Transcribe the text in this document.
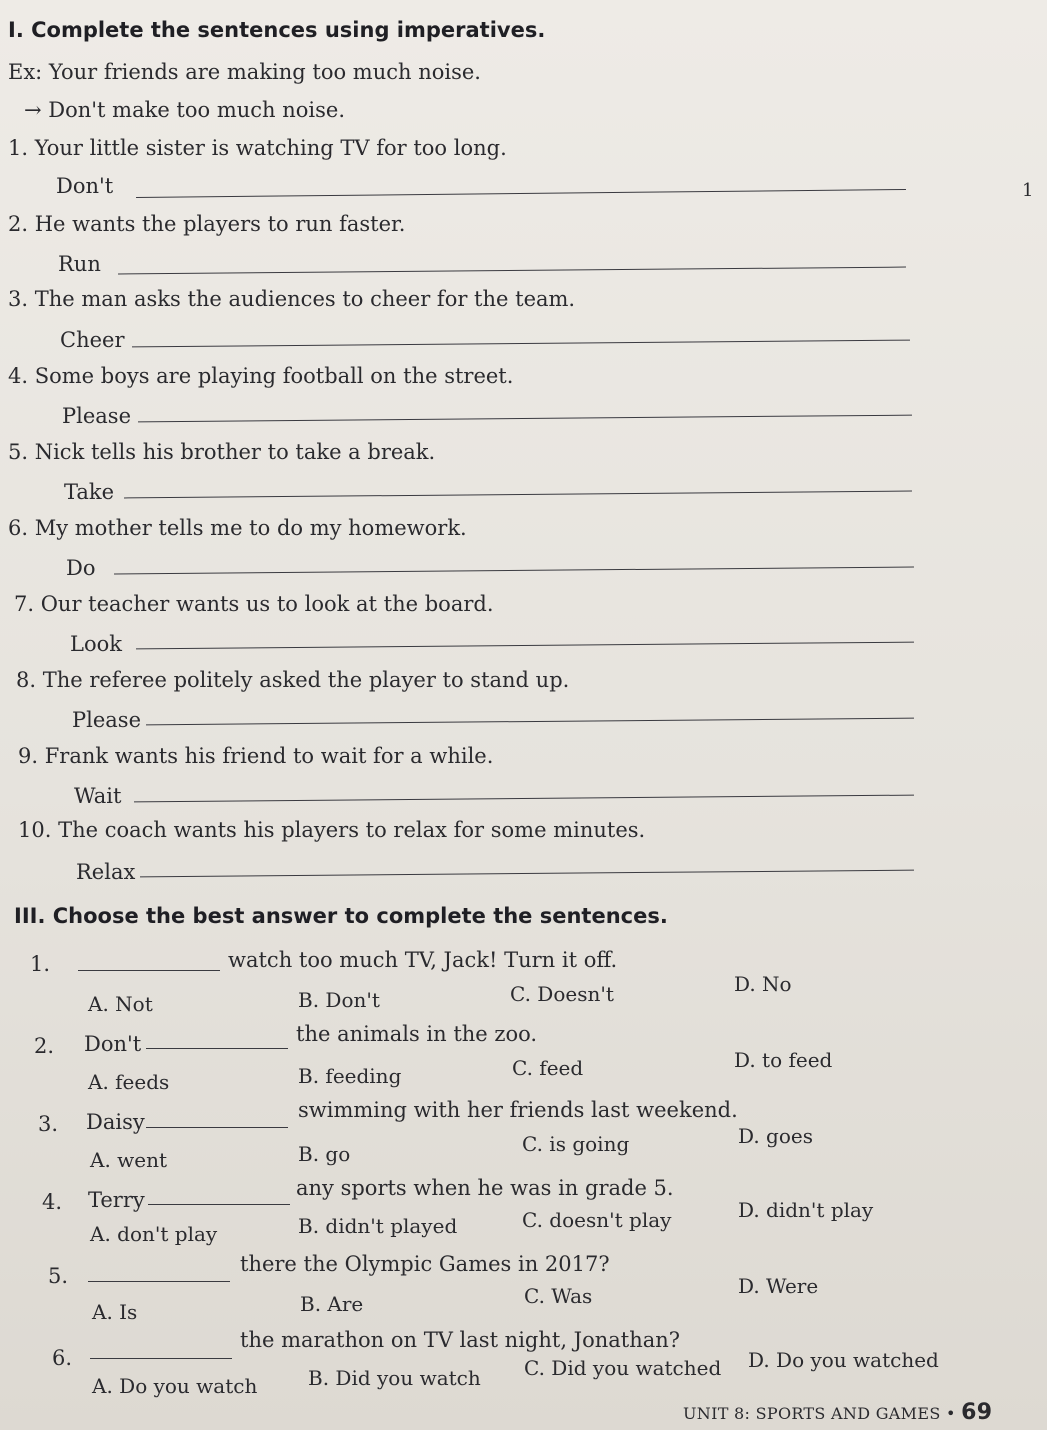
I. Complete the sentences using imperatives.
Ex: Your friends are making too much noise.
→ Don't make too much noise.
1
1. Your little sister is watching TV for too long.
Don't
2. He wants the players to run faster.
Run
3. The man asks the audiences to cheer for the team.
Cheer
4. Some boys are playing football on the street.
Please
5. Nick tells his brother to take a break.
Take
6. My mother tells me to do my homework.
Do
7. Our teacher wants us to look at the board.
Look
8. The referee politely asked the player to stand up.
Please
9. Frank wants his friend to wait for a while.
Wait
10. The coach wants his players to relax for some minutes.
Relax
III. Choose the best answer to complete the sentences.
1.	watch too much TV, Jack! Turn it off.
A. Not	B. Don't	C. Doesn't	D. No
2. Don't	the animals in the zoo.
A. feeds	B. feeding	C. feed	D. to feed
3. Daisy	swimming with her friends last weekend.
A. went	B. go	C. is going	D. goes
4. Terry	any sports when he was in grade 5.
A. don't play	B. didn't played	C. doesn't play	D. didn't play
5.	there the Olympic Games in 2017?
A. Is	B. Are	C. Was	D. Were
6.
the marathon on TV last night, Jonathan?
A. Do you watch	B. Did you watch C. Did you watched D. Do you watched
UNIT 8: SPORTS AND GAMES • 69
